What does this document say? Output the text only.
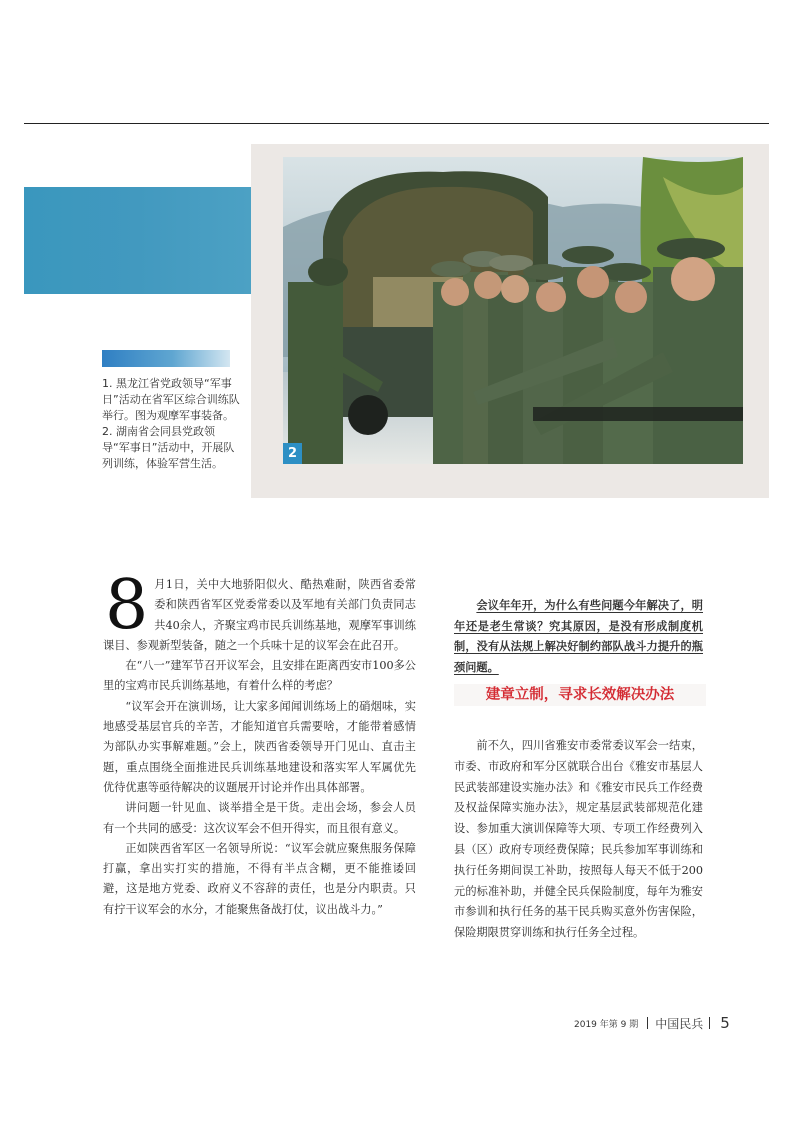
2

1. 黑龙江省党政领导“军事日”活动在省军区综合训练队举行。图为观摩军事装备。

2. 湖南省会同县党政领导“军事日”活动中，开展队列训练，体验军营生活。

8 月1日，关中大地骄阳似火、酷热难耐，陕西省委常委和陕西省军区党委常委以及军地有关部门负责同志共40余人，齐聚宝鸡市民兵训练基地，观摩军事训练课目、参观新型装备，随之一个兵味十足的议军会在此召开。

在“八一”建军节召开议军会，且安排在距离西安市100多公里的宝鸡市民兵训练基地，有着什么样的考虑？

“议军会开在演训场，让大家多闻闻训练场上的硝烟味，实地感受基层官兵的辛苦，才能知道官兵需要啥，才能带着感情为部队办实事解难题。”会上，陕西省委领导开门见山、直击主题，重点围绕全面推进民兵训练基地建设和落实军人军属优先优待优惠等亟待解决的议题展开讨论并作出具体部署。

讲问题一针见血、谈举措全是干货。走出会场，参会人员有一个共同的感受：这次议军会不但开得实，而且很有意义。

正如陕西省军区一名领导所说：“议军会就应聚焦服务保障打赢，拿出实打实的措施，不得有半点含糊，更不能推诿回避，这是地方党委、政府义不容辞的责任，也是分内职责。只有拧干议军会的水分，才能聚焦备战打仗，议出战斗力。”

会议年年开，为什么有些问题今年解决了，明年还是老生常谈？究其原因，是没有形成制度机制，没有从法规上解决好制约部队战斗力提升的瓶颈问题。

建章立制，寻求长效解决办法

前不久，四川省雅安市委常委议军会一结束，市委、市政府和军分区就联合出台《雅安市基层人民武装部建设实施办法》和《雅安市民兵工作经费及权益保障实施办法》，规定基层武装部规范化建设、参加重大演训保障等大项、专项工作经费列入县（区）政府专项经费保障；民兵参加军事训练和执行任务期间误工补助，按照每人每天不低于200元的标准补助，并健全民兵保险制度，每年为雅安市参训和执行任务的基干民兵购买意外伤害保险，保险期限贯穿训练和执行任务全过程。

2019 年第 9 期 中国民兵 5
